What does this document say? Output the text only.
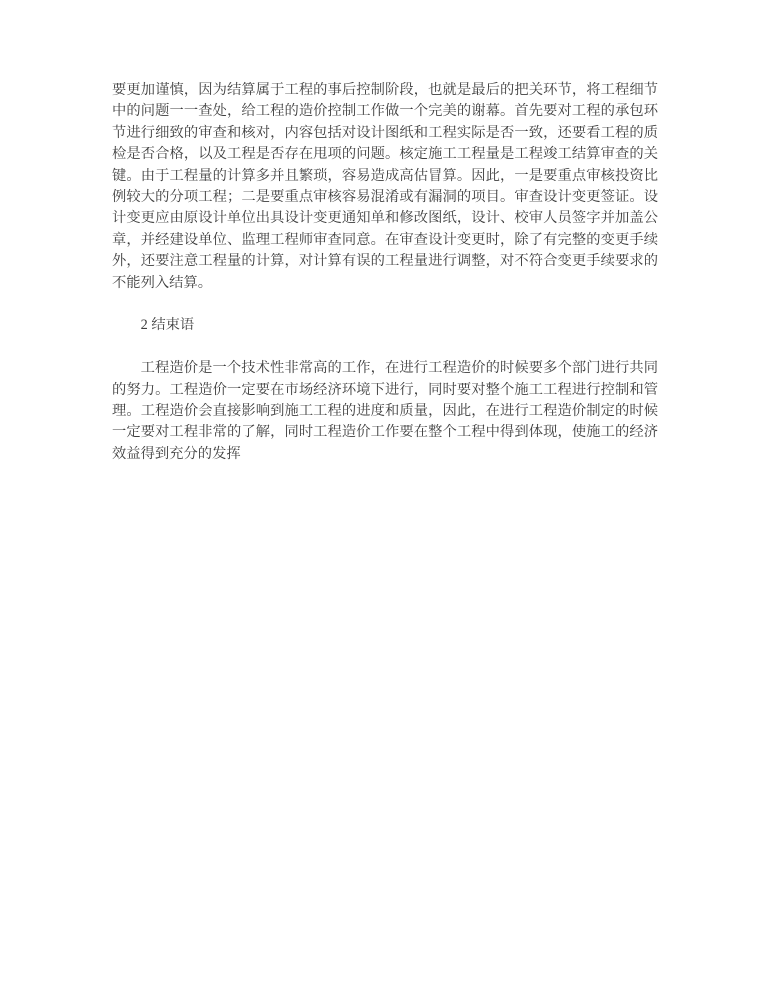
要更加谨慎，因为结算属于工程的事后控制阶段，也就是最后的把关环节，将工程细节中的问题一一查处，给工程的造价控制工作做一个完美的谢幕。首先要对工程的承包环节进行细致的审查和核对，内容包括对设计图纸和工程实际是否一致，还要看工程的质检是否合格，以及工程是否存在甩项的问题。核定施工工程量是工程竣工结算审查的关键。由于工程量的计算多并且繁琐，容易造成高估冒算。因此，一是要重点审核投资比例较大的分项工程；二是要重点审核容易混淆或有漏洞的项目。审查设计变更签证。设计变更应由原设计单位出具设计变更通知单和修改图纸，设计、校审人员签字并加盖公章，并经建设单位、监理工程师审查同意。在审查设计变更时，除了有完整的变更手续外，还要注意工程量的计算，对计算有误的工程量进行调整，对不符合变更手续要求的不能列入结算。

2 结束语

工程造价是一个技术性非常高的工作，在进行工程造价的时候要多个部门进行共同的努力。工程造价一定要在市场经济环境下进行，同时要对整个施工工程进行控制和管理。工程造价会直接影响到施工工程的进度和质量，因此，在进行工程造价制定的时候一定要对工程非常的了解，同时工程造价工作要在整个工程中得到体现，使施工的经济效益得到充分的发挥
